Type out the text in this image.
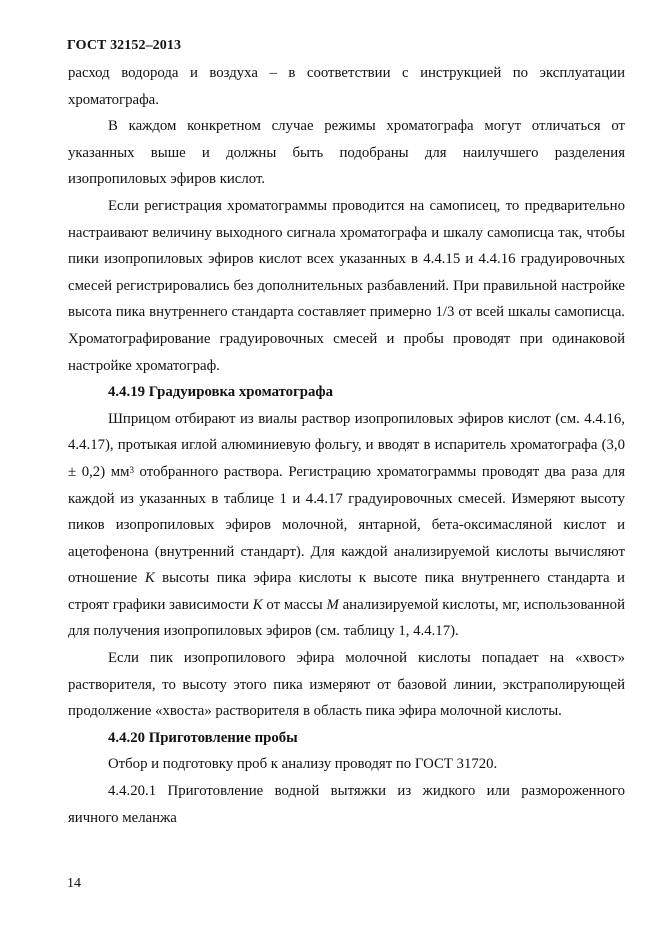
ГОСТ 32152–2013

расход водорода и воздуха – в соответствии с инструкцией по эксплуатации хроматографа.

В каждом конкретном случае режимы хроматографа могут отличаться от указанных выше и должны быть подобраны для наилучшего разделения изопропиловых эфиров кислот.

Если регистрация хроматограммы проводится на самописец, то предварительно настраивают величину выходного сигнала хроматографа и шкалу самописца так, чтобы пики изопропиловых эфиров кислот всех указанных в 4.4.15 и 4.4.16 градуировочных смесей регистрировались без дополнительных разбавлений. При правильной настройке высота пика внутреннего стандарта составляет примерно 1/3 от всей шкалы самописца. Хроматографирование градуировочных смесей и пробы проводят при одинаковой настройке хроматограф.

4.4.19 Градуировка хроматографа

Шприцом отбирают из виалы раствор изопропиловых эфиров кислот (см. 4.4.16, 4.4.17), протыкая иглой алюминиевую фольгу, и вводят в испаритель хроматографа (3,0 ± 0,2) $мм^3$ отобранного раствора. Регистрацию хроматограммы проводят два раза для каждой из указанных в таблице 1 и 4.4.17 градуировочных смесей. Измеряют высоту пиков изопропиловых эфиров молочной, янтарной, бета-оксимасляной кислот и ацетофенона (внутренний стандарт). Для каждой анализируемой кислоты вычисляют отношение K высоты пика эфира кислоты к высоте пика внутреннего стандарта и строят графики зависимости K от массы M анализируемой кислоты, мг, использованной для получения изопропиловых эфиров (см. таблицу 1, 4.4.17).

Если пик изопропилового эфира молочной кислоты попадает на «хвост» растворителя, то высоту этого пика измеряют от базовой линии, экстраполирующей продолжение «хвоста» растворителя в область пика эфира молочной кислоты.

4.4.20 Приготовление пробы

Отбор и подготовку проб к анализу проводят по ГОСТ 31720.

4.4.20.1 Приготовление водной вытяжки из жидкого или размороженного яичного меланжа

14
